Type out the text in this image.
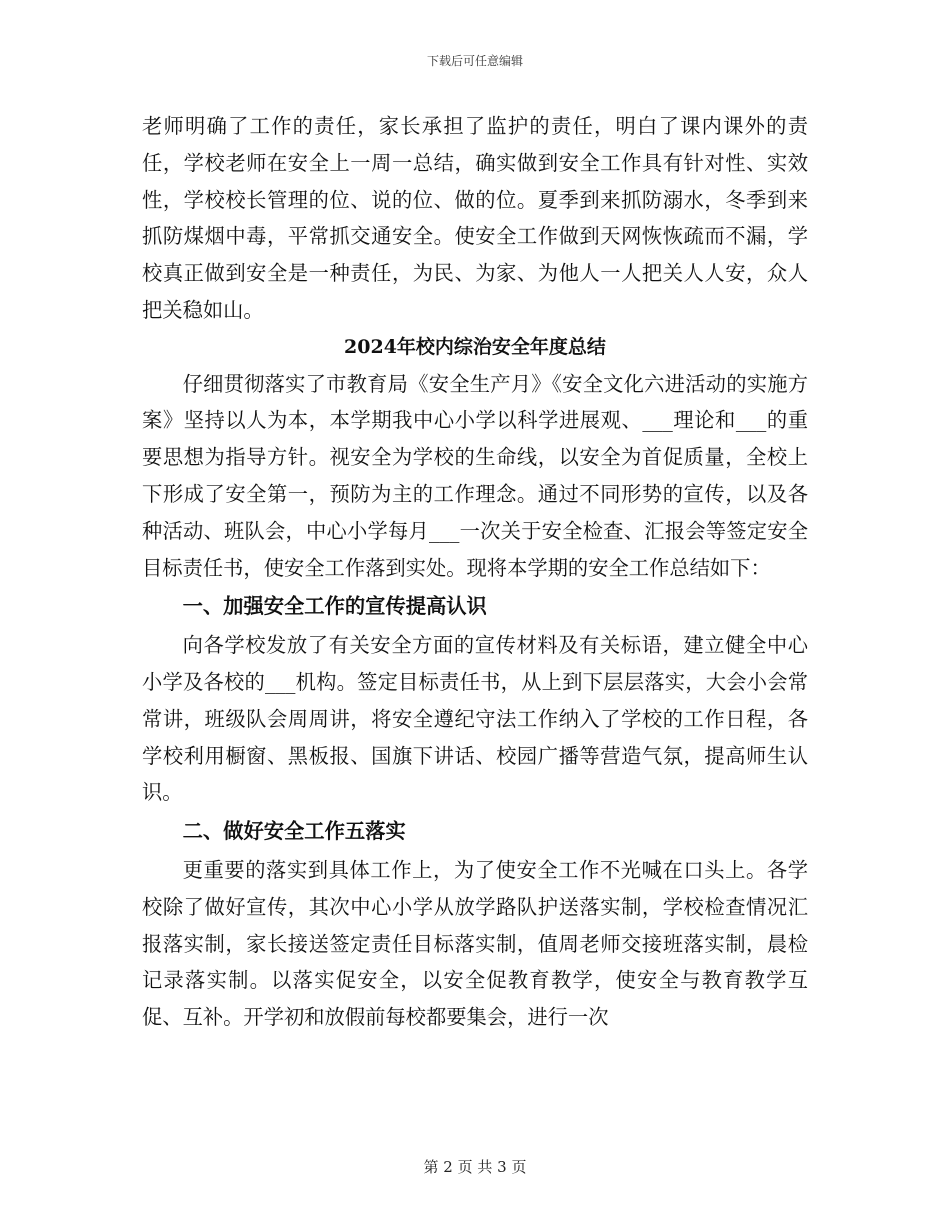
下载后可任意编辑

老师明确了工作的责任，家长承担了监护的责任，明白了课内课外的责任，学校老师在安全上一周一总结，确实做到安全工作具有针对性、实效性，学校校长管理的位、说的位、做的位。夏季到来抓防溺水，冬季到来抓防煤烟中毒，平常抓交通安全。使安全工作做到天网恢恢疏而不漏，学校真正做到安全是一种责任，为民、为家、为他人一人把关人人安，众人把关稳如山。

2024年校内综治安全年度总结

仔细贯彻落实了市教育局《安全生产月》《安全文化六进活动的实施方案》坚持以人为本，本学期我中心小学以科学进展观、___理论和___的重要思想为指导方针。视安全为学校的生命线，以安全为首促质量，全校上下形成了安全第一，预防为主的工作理念。通过不同形势的宣传，以及各种活动、班队会，中心小学每月___一次关于安全检查、汇报会等签定安全目标责任书，使安全工作落到实处。现将本学期的安全工作总结如下：

一、加强安全工作的宣传提高认识

向各学校发放了有关安全方面的宣传材料及有关标语，建立健全中心小学及各校的___机构。签定目标责任书，从上到下层层落实，大会小会常常讲，班级队会周周讲，将安全遵纪守法工作纳入了学校的工作日程，各学校利用橱窗、黑板报、国旗下讲话、校园广播等营造气氛，提高师生认识。

二、做好安全工作五落实

更重要的落实到具体工作上，为了使安全工作不光喊在口头上。各学校除了做好宣传，其次中心小学从放学路队护送落实制，学校检查情况汇报落实制，家长接送签定责任目标落实制，值周老师交接班落实制，晨检记录落实制。以落实促安全，以安全促教育教学，使安全与教育教学互促、互补。开学初和放假前每校都要集会，进行一次

第 2 页 共 3 页
